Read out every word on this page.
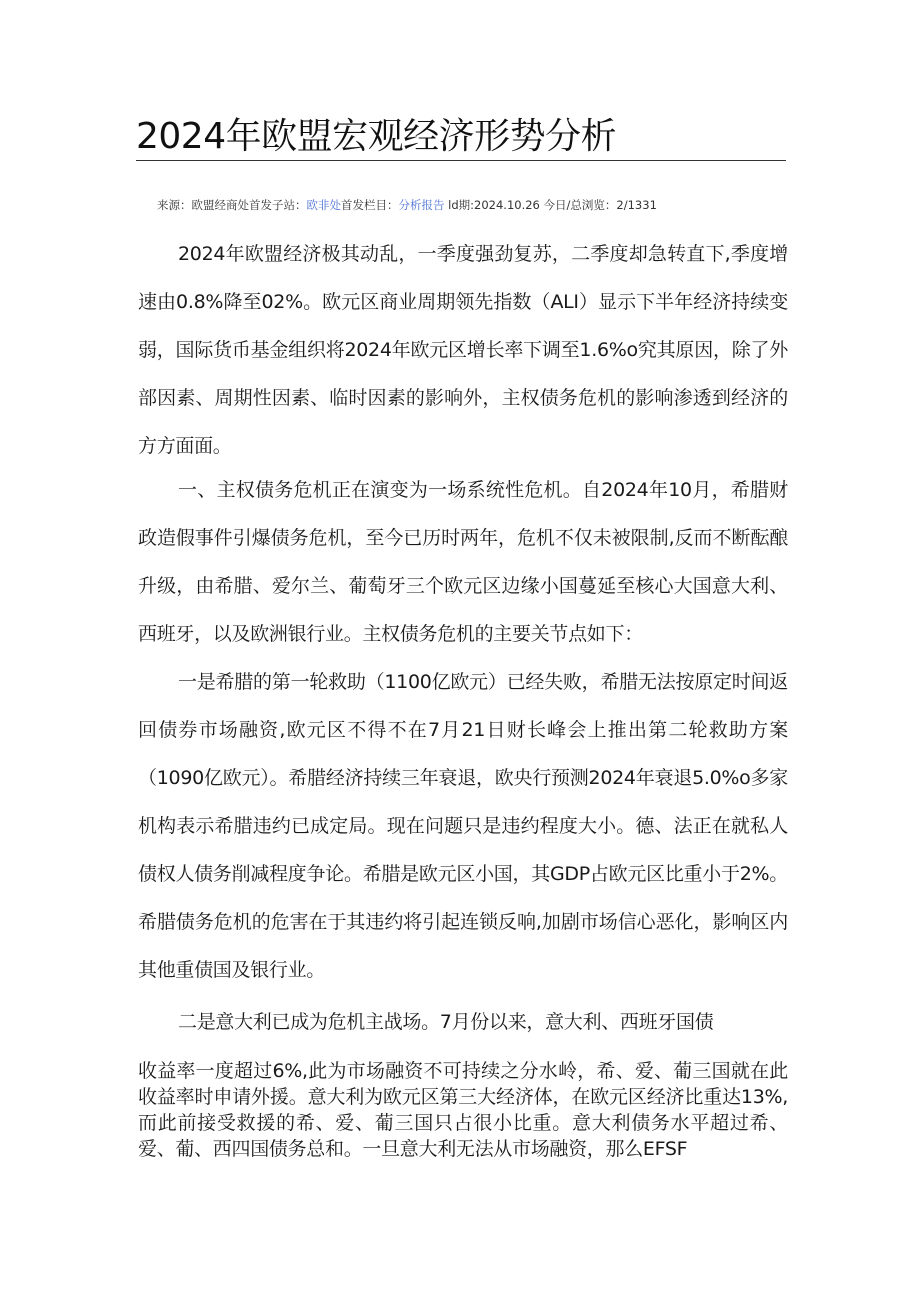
2024年欧盟宏观经济形势分析
来源：欧盟经商处首发子站：欧非处首发栏目：分析报告 ld期:2024.10.26 今日/总浏览：2/1331

2024年欧盟经济极其动乱，一季度强劲复苏，二季度却急转直下,季度增速由0.8%降至02%。欧元区商业周期领先指数（ALI）显示下半年经济持续变弱，国际货币基金组织将2024年欧元区增长率下调至1.6%o究其原因，除了外部因素、周期性因素、临时因素的影响外，主权债务危机的影响渗透到经济的方方面面。

一、主权债务危机正在演变为一场系统性危机。自2024年10月，希腊财政造假事件引爆债务危机，至今已历时两年，危机不仅未被限制,反而不断酝酿升级，由希腊、爱尔兰、葡萄牙三个欧元区边缘小国蔓延至核心大国意大利、西班牙，以及欧洲银行业。主权债务危机的主要关节点如下：

一是希腊的第一轮救助（1100亿欧元）已经失败，希腊无法按原定时间返回债券市场融资,欧元区不得不在7月21日财长峰会上推出第二轮救助方案（1090亿欧元）。希腊经济持续三年衰退，欧央行预测2024年衰退5.0%o多家机构表示希腊违约已成定局。现在问题只是违约程度大小。德、法正在就私人债权人债务削减程度争论。希腊是欧元区小国，其GDP占欧元区比重小于2%。希腊债务危机的危害在于其违约将引起连锁反响,加剧市场信心恶化，影响区内其他重债国及银行业。

二是意大利已成为危机主战场。7月份以来，意大利、西班牙国债

收益率一度超过6%,此为市场融资不可持续之分水岭，希、爱、葡三国就在此收益率时申请外援。意大利为欧元区第三大经济体，在欧元区经济比重达13%,而此前接受救援的希、爱、葡三国只占很小比重。意大利债务水平超过希、爱、葡、西四国债务总和。一旦意大利无法从市场融资，那么EFSF
